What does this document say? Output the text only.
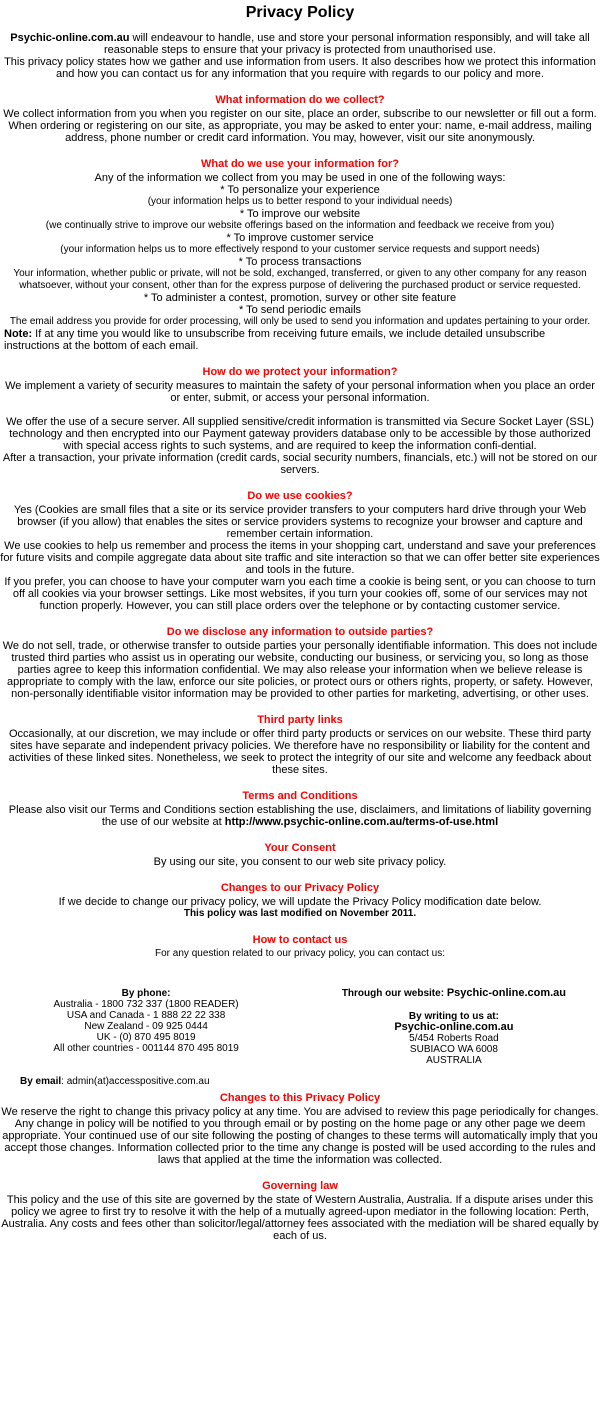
Privacy Policy

Psychic-online.com.au will endeavour to handle, use and store your personal information responsibly, and will take all reasonable steps to ensure that your privacy is protected from unauthorised use.

This privacy policy states how we gather and use information from users. It also describes how we protect this information and how you can contact us for any information that you require with regards to our policy and more.

What information do we collect?

We collect information from you when you register on our site, place an order, subscribe to our newsletter or fill out a form.

When ordering or registering on our site, as appropriate, you may be asked to enter your: name, e-mail address, mailing address, phone number or credit card information. You may, however, visit our site anonymously.

What do we use your information for?

Any of the information we collect from you may be used in one of the following ways:

* To personalize your experience

(your information helps us to better respond to your individual needs)

* To improve our website

(we continually strive to improve our website offerings based on the information and feedback we receive from you)

* To improve customer service

(your information helps us to more effectively respond to your customer service requests and support needs)

* To process transactions

Your information, whether public or private, will not be sold, exchanged, transferred, or given to any other company for any reason whatsoever, without your consent, other than for the express purpose of delivering the purchased product or service requested.

* To administer a contest, promotion, survey or other site feature

* To send periodic emails

The email address you provide for order processing, will only be used to send you information and updates pertaining to your order.

Note: If at any time you would like to unsubscribe from receiving future emails, we include detailed unsubscribe instructions at the bottom of each email.

How do we protect your information?

We implement a variety of security measures to maintain the safety of your personal information when you place an order or enter, submit, or access your personal information.

We offer the use of a secure server. All supplied sensitive/credit information is transmitted via Secure Socket Layer (SSL) technology and then encrypted into our Payment gateway providers database only to be accessible by those authorized with special access rights to such systems, and are required to keep the information confi-dential.

After a transaction, your private information (credit cards, social security numbers, financials, etc.) will not be stored on our servers.

Do we use cookies?

Yes (Cookies are small files that a site or its service provider transfers to your computers hard drive through your Web browser (if you allow) that enables the sites or service providers systems to recognize your browser and capture and remember certain information.

We use cookies to help us remember and process the items in your shopping cart, understand and save your preferences for future visits and compile aggregate data about site traffic and site interaction so that we can offer better site experiences and tools in the future.

If you prefer, you can choose to have your computer warn you each time a cookie is being sent, or you can choose to turn off all cookies via your browser settings. Like most websites, if you turn your cookies off, some of our services may not function properly. However, you can still place orders over the telephone or by contacting customer service.

Do we disclose any information to outside parties?

We do not sell, trade, or otherwise transfer to outside parties your personally identifiable information. This does not include trusted third parties who assist us in operating our website, conducting our business, or servicing you, so long as those parties agree to keep this information confidential. We may also release your information when we believe release is appropriate to comply with the law, enforce our site policies, or protect ours or others rights, property, or safety. However, non-personally identifiable visitor information may be provided to other parties for marketing, advertising, or other uses.

Third party links

Occasionally, at our discretion, we may include or offer third party products or services on our website. These third party sites have separate and independent privacy policies. We therefore have no responsibility or liability for the content and activities of these linked sites. Nonetheless, we seek to protect the integrity of our site and welcome any feedback about these sites.

Terms and Conditions

Please also visit our Terms and Conditions section establishing the use, disclaimers, and limitations of liability governing the use of our website at http://www.psychic-online.com.au/terms-of-use.html

Your Consent

By using our site, you consent to our web site privacy policy.

Changes to our Privacy Policy

If we decide to change our privacy policy, we will update the Privacy Policy modification date below.

This policy was last modified on November 2011.

How to contact us

For any question related to our privacy policy, you can contact us:

By phone:
Australia - 1800 732 337 (1800 READER)
USA and Canada - 1 888 22 22 338
New Zealand - 09 925 0444
UK - (0) 870 495 8019
All other countries - 001144 870 495 8019
Through our website: Psychic-online.com.au
By writing to us at:
Psychic-online.com.au
5/454 Roberts Road
SUBIACO WA 6008
AUSTRALIA
By email: admin(at)accesspositive.com.au
Changes to this Privacy Policy

We reserve the right to change this privacy policy at any time. You are advised to review this page periodically for changes. Any change in policy will be notified to you through email or by posting on the home page or any other page we deem appropriate. Your continued use of our site following the posting of changes to these terms will automatically imply that you accept those changes. Information collected prior to the time any change is posted will be used according to the rules and laws that applied at the time the information was collected.

Governing law

This policy and the use of this site are governed by the state of Western Australia, Australia. If a dispute arises under this policy we agree to first try to resolve it with the help of a mutually agreed-upon mediator in the following location: Perth, Australia. Any costs and fees other than solicitor/legal/attorney fees associated with the mediation will be shared equally by each of us.
